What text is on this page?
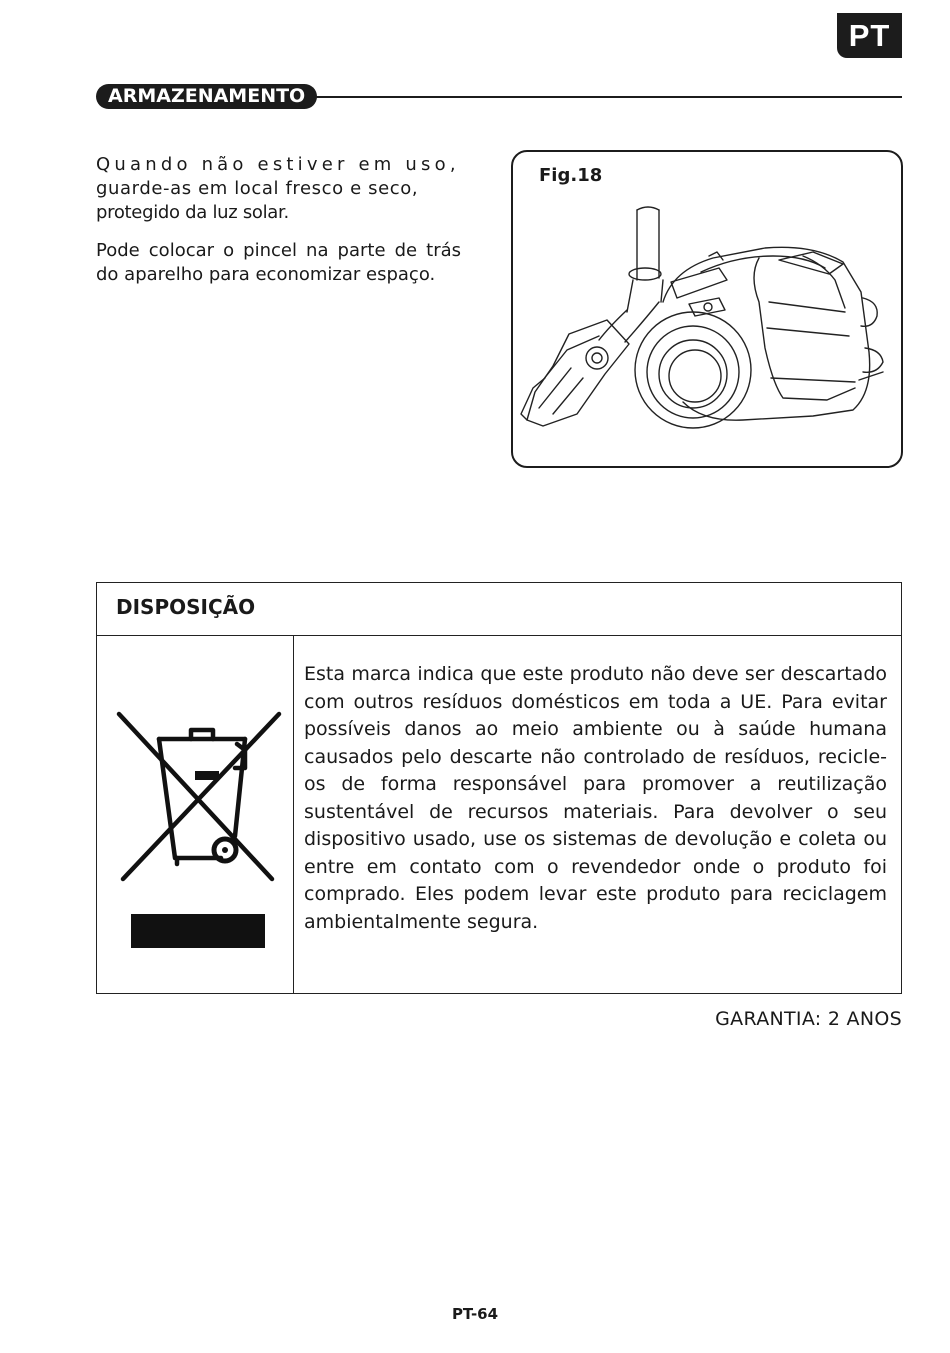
PT
ARMAZENAMENTO

Quando não estiver em uso,
guarde-as em local fresco e seco,
protegido da luz solar.

Pode colocar o pincel na parte de trás do aparelho para economizar espaço.

Fig.18
DISPOSIÇÃO
Esta marca indica que este produto não deve ser descartado com outros resíduos domésticos em toda a UE. Para evitar possíveis danos ao meio ambiente ou à saúde humana causados pelo descarte não controlado de resíduos, recicle-os de forma responsável para promover a reutilização sustentável de recursos materiais. Para devolver o seu dispositivo usado, use os sistemas de devolução e coleta ou entre em contato com o revendedor onde o produto foi comprado. Eles podem levar este produto para reciclagem ambientalmente segura.
GARANTIA: 2 ANOS
PT-64
